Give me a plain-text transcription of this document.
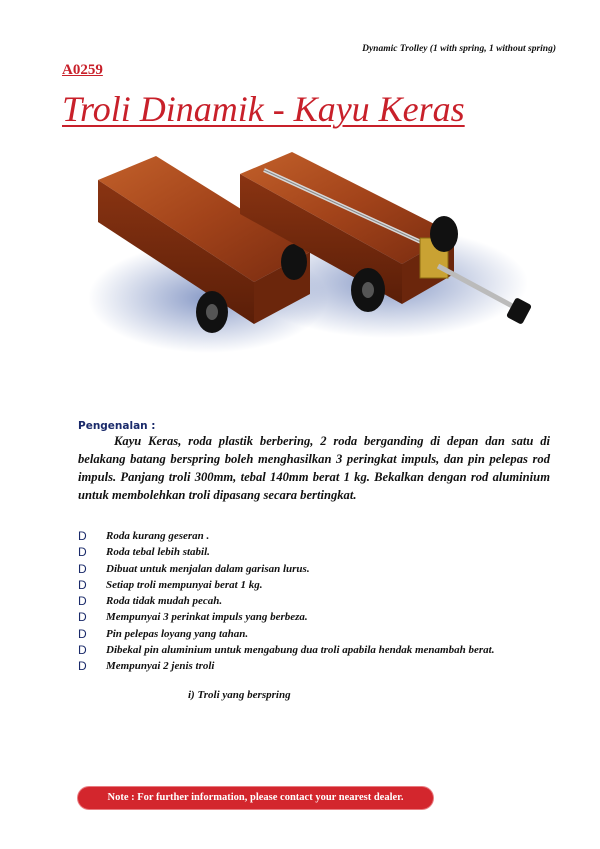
Dynamic Trolley (1 with spring, 1 without spring)
A0259
Troli Dinamik - Kayu Keras
Pengenalan :
Kayu Keras, roda plastik berbering, 2 roda berganding di depan dan satu di belakang batang berspring boleh menghasilkan 3 peringkat impuls, dan pin pelepas rod impuls. Panjang troli 300mm, tebal 140mm berat 1 kg. Bekalkan dengan rod aluminium untuk membolehkan troli dipasang secara bertingkat.
D Roda kurang geseran .
D Roda tebal lebih stabil.
D Dibuat untuk menjalan dalam garisan lurus.
D Setiap troli mempunyai berat 1 kg.
D Roda tidak mudah pecah.
D Mempunyai 3 perinkat impuls yang berbeza.
D Pin pelepas loyang yang tahan.
D Dibekal pin aluminium untuk mengabung dua troli apabila hendak menambah berat.
D Mempunyai 2 jenis troli
i) Troli yang berspring
Note : For further information, please contact your nearest dealer.
